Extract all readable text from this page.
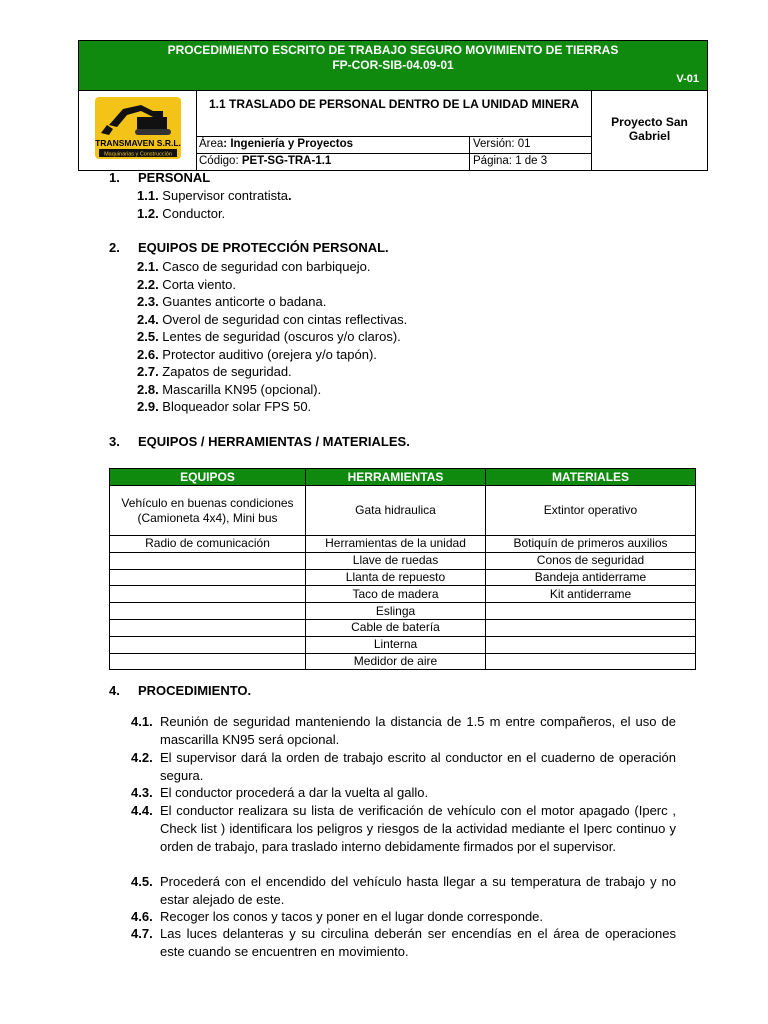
PROCEDIMIENTO ESCRITO DE TRABAJO SEGURO MOVIMIENTO DE TIERRAS
FP-COR-SIB-04.09-01
V-01
TRANSMAVEN S.R.L.
Maquinarias y Construcción
1.1 TRASLADO DE PERSONAL DENTRO DE LA UNIDAD MINERA
Área: Ingeniería y Proyectos	Versión: 01
Código: PET-SG-TRA-1.1	Página: 1 de 3
Proyecto San Gabriel
1. PERSONAL
1.1. Supervisor contratista.
1.2. Conductor.
2. EQUIPOS DE PROTECCIÓN PERSONAL.
2.1. Casco de seguridad con barbiquejo.
2.2. Corta viento.
2.3. Guantes anticorte o badana.
2.4. Overol de seguridad con cintas reflectivas.
2.5. Lentes de seguridad (oscuros y/o claros).
2.6. Protector auditivo (orejera y/o tapón).
2.7. Zapatos de seguridad.
2.8. Mascarilla KN95 (opcional).
2.9. Bloqueador solar FPS 50.
3. EQUIPOS / HERRAMIENTAS / MATERIALES.
EQUIPOS	HERRAMIENTAS	MATERIALES
Vehículo en buenas condiciones (Camioneta 4x4), Mini bus	Gata hidraulica	Extintor operativo
Radio de comunicación	Herramientas de la unidad	Botiquín de primeros auxilios
	Llave de ruedas	Conos de seguridad
	Llanta de repuesto	Bandeja antiderrame
	Taco de madera	Kit antiderrame
	Eslinga	
	Cable de batería	
	Linterna	
	Medidor de aire	
4. PROCEDIMIENTO.
4.1. Reunión de seguridad manteniendo la distancia de 1.5 m entre compañeros, el uso de mascarilla KN95 será opcional.
4.2. El supervisor dará la orden de trabajo escrito al conductor en el cuaderno de operación segura.
4.3. El conductor procederá a dar la vuelta al gallo.
4.4. El conductor realizara su lista de verificación de vehículo con el motor apagado (Iperc , Check list ) identificara los peligros y riesgos de la actividad mediante el Iperc continuo y orden de trabajo, para traslado interno debidamente firmados por el supervisor.
4.5. Procederá con el encendido del vehículo hasta llegar a su temperatura de trabajo y no estar alejado de este.
4.6. Recoger los conos y tacos y poner en el lugar donde corresponde.
4.7. Las luces delanteras y su circulina deberán ser encendías en el área de operaciones este cuando se encuentren en movimiento.
